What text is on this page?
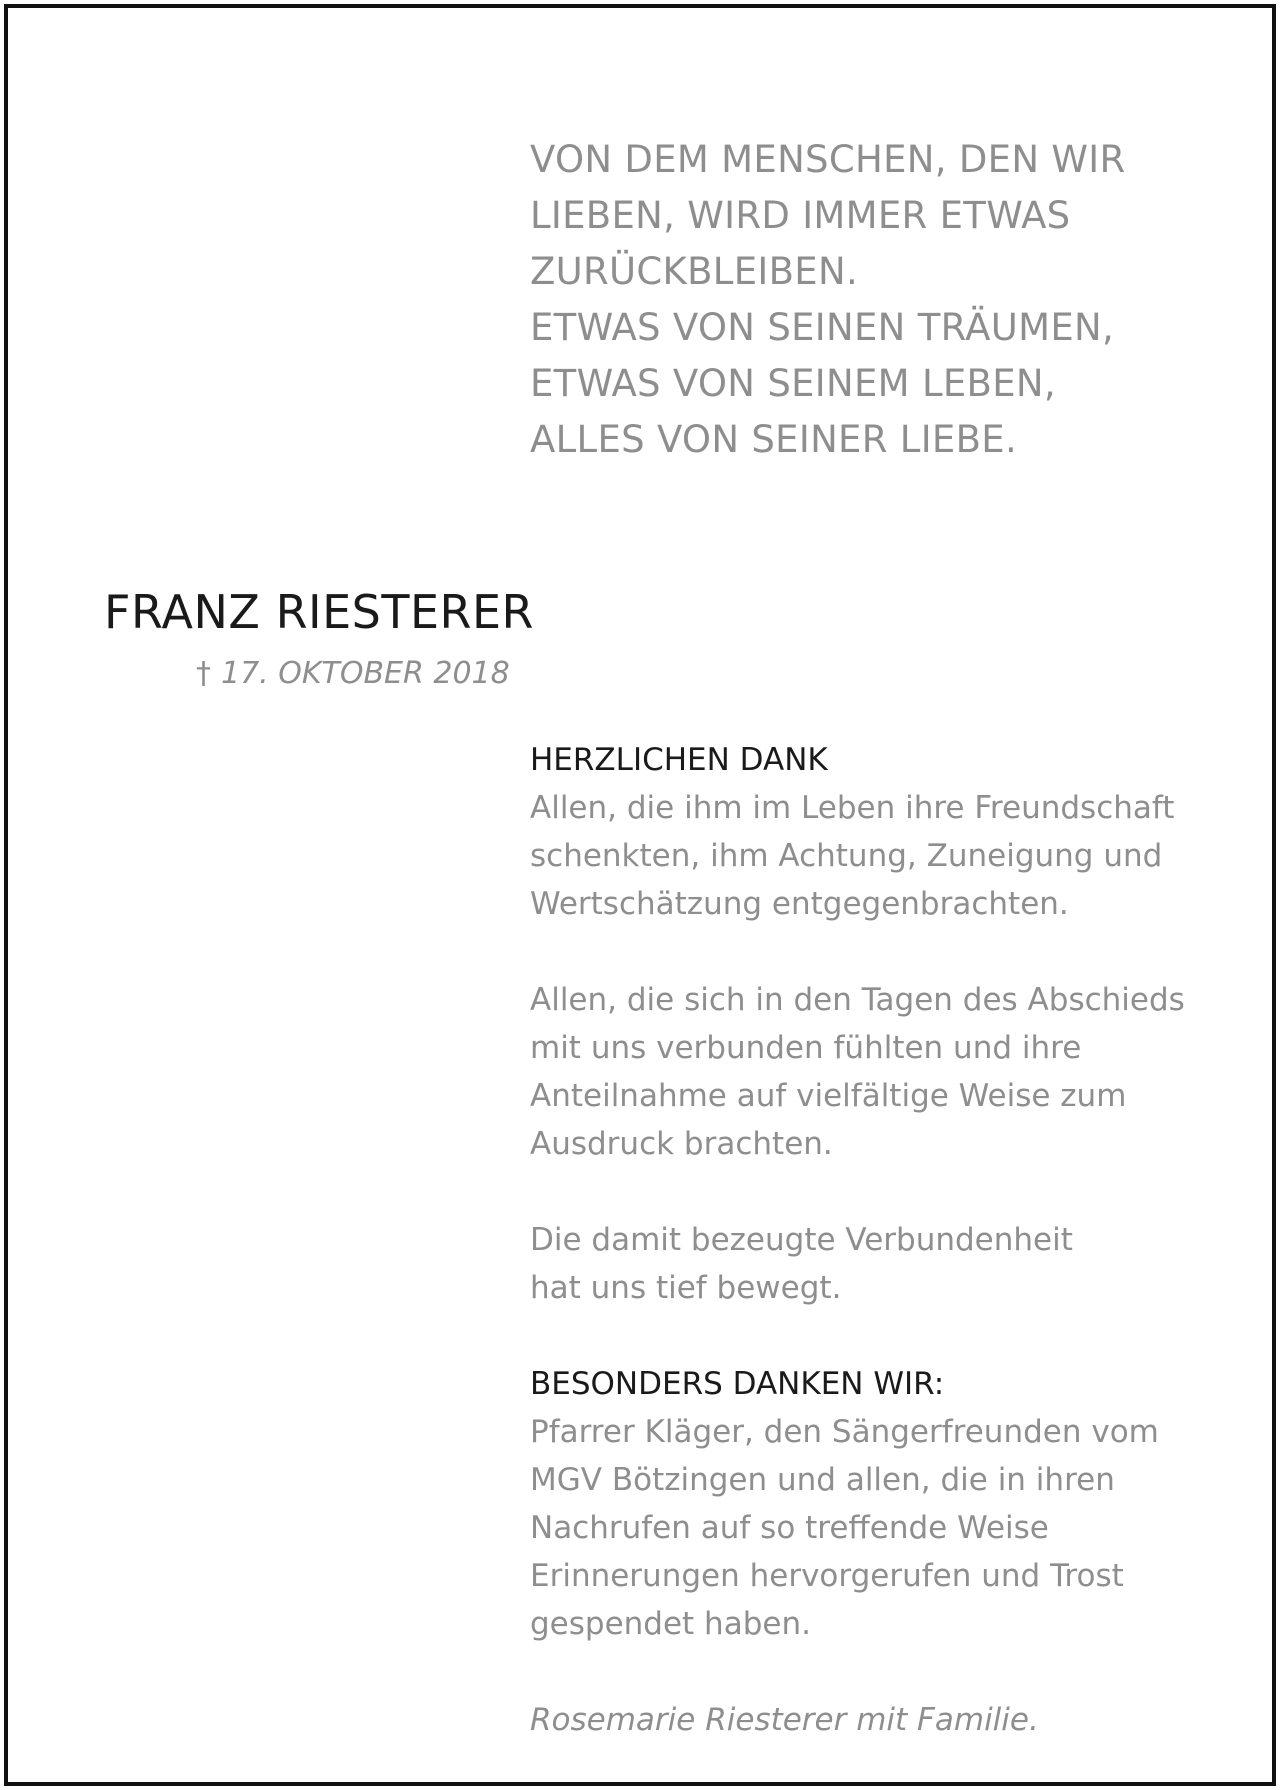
VON DEM MENSCHEN, DEN WIR
LIEBEN, WIRD IMMER ETWAS
ZURÜCKBLEIBEN.
ETWAS VON SEINEN TRÄUMEN,
ETWAS VON SEINEM LEBEN,
ALLES VON SEINER LIEBE.
FRANZ RIESTERER
† 17. OKTOBER 2018
HERZLICHEN DANK
Allen, die ihm im Leben ihre Freundschaft
schenkten, ihm Achtung, Zuneigung und
Wertschätzung entgegenbrachten.
Allen, die sich in den Tagen des Abschieds
mit uns verbunden fühlten und ihre
Anteilnahme auf vielfältige Weise zum
Ausdruck brachten.
Die damit bezeugte Verbundenheit
hat uns tief bewegt.
BESONDERS DANKEN WIR:
Pfarrer Kläger, den Sängerfreunden vom
MGV Bötzingen und allen, die in ihren
Nachrufen auf so treffende Weise
Erinnerungen hervorgerufen und Trost
gespendet haben.
Rosemarie Riesterer mit Familie.
